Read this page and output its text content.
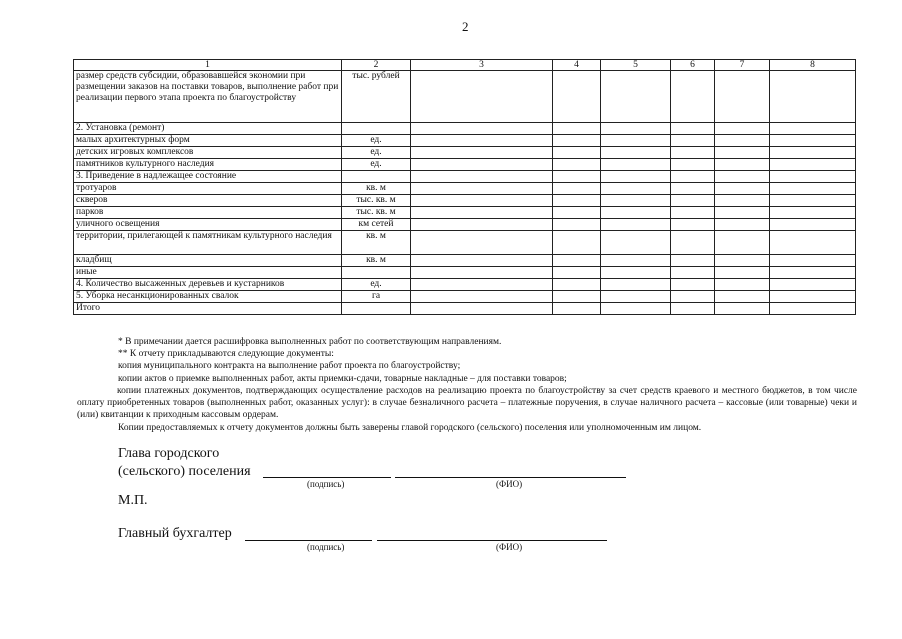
2
1	2	3	4	5	6	7	8
размер средств субсидии, образовавшейся экономии при размещении заказов на поставки товаров, выполнение работ при реализации первого этапа проекта по благоустройству	тыс. рублей						
2. Установка (ремонт)							
малых архитектурных форм	ед.						
детских игровых комплексов	ед.						
памятников культурного наследия	ед.						
3. Приведение в надлежащее состояние							
тротуаров	кв. м						
скверов	тыс. кв. м						
парков	тыс. кв. м						
уличного освещения	км сетей						
территории, прилегающей к памятникам культурного наследия	кв. м						
кладбищ	кв. м						
иные							
4. Количество высаженных деревьев и кустарников	ед.						
5. Уборка несанкционированных свалок	га						
Итого							
* В примечании дается расшифровка выполненных работ по соответствующим направлениям.
** К отчету прикладываются следующие документы:
копия муниципального контракта на выполнение работ проекта по благоустройству;
копии актов о приемке выполненных работ, акты приемки-сдачи, товарные накладные – для поставки товаров;
копии платежных документов, подтверждающих осуществление расходов на реализацию проекта по благоустройству за счет средств краевого и местного бюджетов, в том числе оплату приобретенных товаров (выполненных работ, оказанных услуг): в случае безналичного расчета – платежные поручения, в случае наличного расчета – кассовые (или товарные) чеки и (или) квитанции к приходным кассовым ордерам.
Копии предоставляемых к отчету документов должны быть заверены главой городского (сельского) поселения или уполномоченным им лицом.
Глава городского
(сельского) поселения
(подпись)	(ФИО)
М.П.
Главный бухгалтер
(подпись)	(ФИО)
